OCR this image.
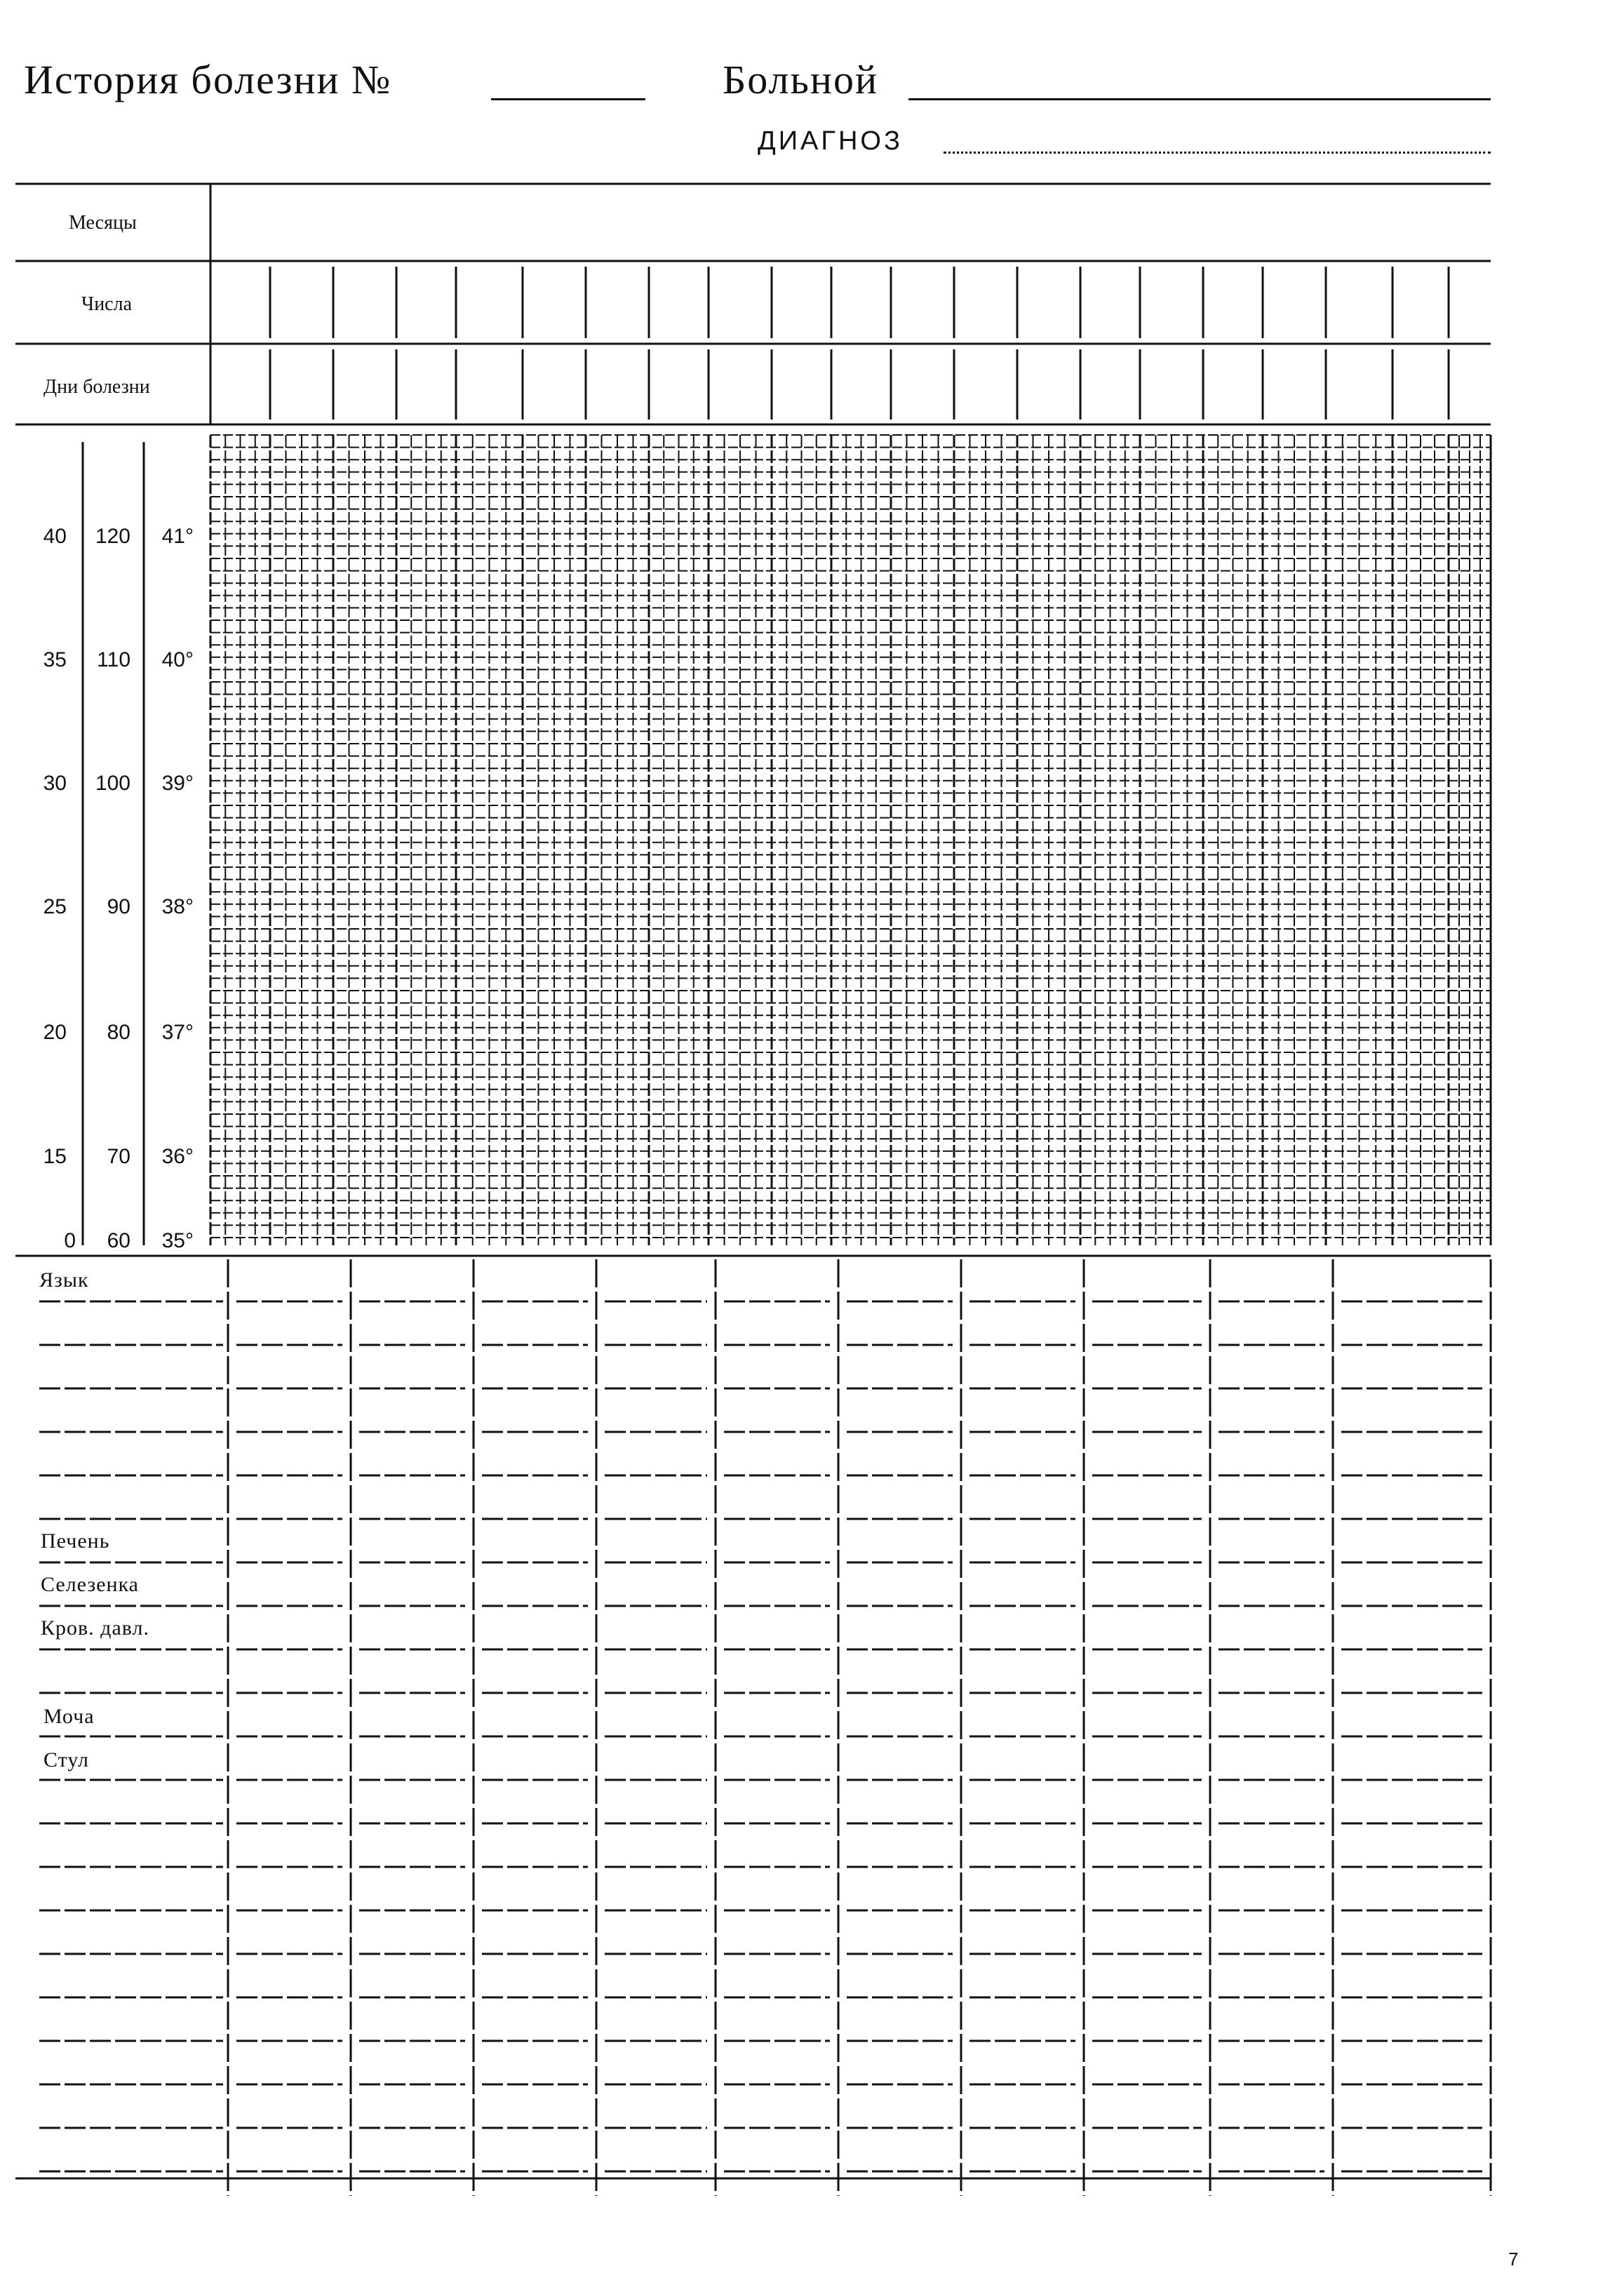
История болезни №	Больной
ДИАГНОЗ
Месяцы
Числа
Дни болезни
40
35
30
25
20
15
0
120
110
100
90
80
70
60
41°
40°
39°
38°
37°
36°
35°
Язык
Печень
Селезенка
Кров. давл.
Моча
Стул
7
